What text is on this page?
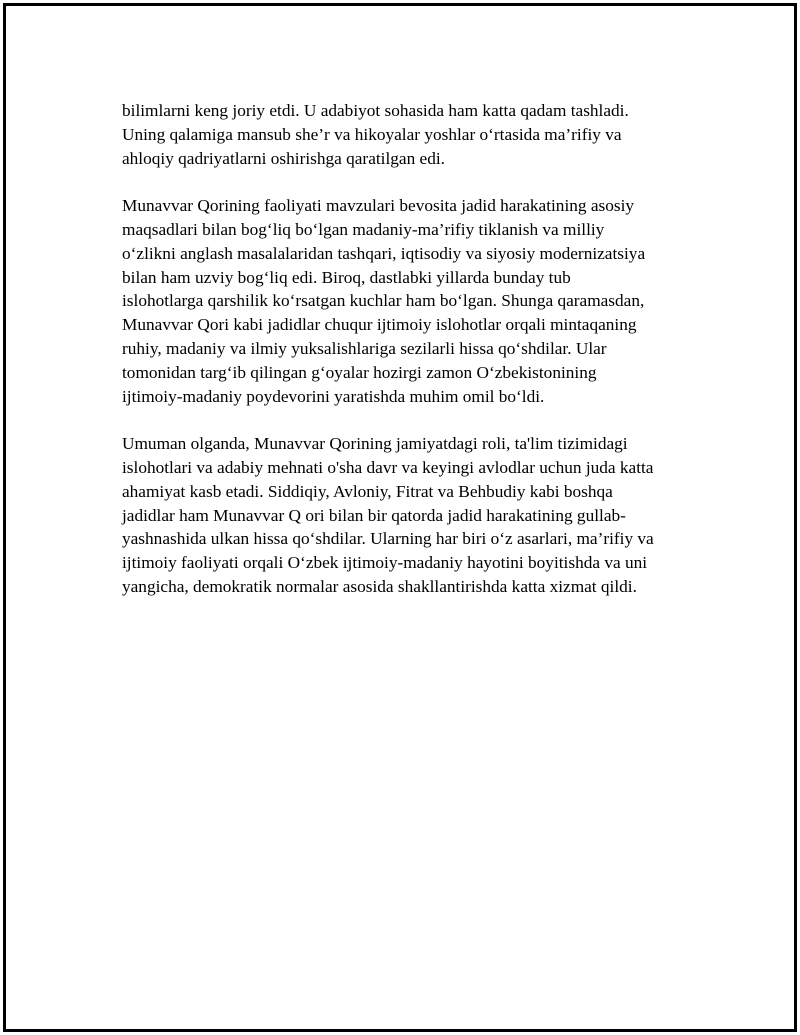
bilimlarni keng joriy etdi. U adabiyot sohasida ham katta qadam tashladi.
Uning qalamiga mansub she’r va hikoyalar yoshlar o‘rtasida ma’rifiy va
ahloqiy qadriyatlarni oshirishga qaratilgan edi.

Munavvar Qorining faoliyati mavzulari bevosita jadid harakatining asosiy
maqsadlari bilan bog‘liq bo‘lgan madaniy-ma’rifiy tiklanish va milliy
o‘zlikni anglash masalalaridan tashqari, iqtisodiy va siyosiy modernizatsiya
bilan ham uzviy bog‘liq edi. Biroq, dastlabki yillarda bunday tub
islohotlarga qarshilik ko‘rsatgan kuchlar ham bo‘lgan. Shunga qaramasdan,
Munavvar Qori kabi jadidlar chuqur ijtimoiy islohotlar orqali mintaqaning
ruhiy, madaniy va ilmiy yuksalishlariga sezilarli hissa qo‘shdilar. Ular
tomonidan targ‘ib qilingan g‘oyalar hozirgi zamon O‘zbekistonining
ijtimoiy-madaniy poydevorini yaratishda muhim omil bo‘ldi.

Umuman olganda, Munavvar Qorining jamiyatdagi roli, ta'lim tizimidagi
islohotlari va adabiy mehnati o'sha davr va keyingi avlodlar uchun juda katta
ahamiyat kasb etadi. Siddiqiy, Avloniy, Fitrat va Behbudiy kabi boshqa
jadidlar ham Munavvar Q ori bilan bir qatorda jadid harakatining gullab-
yashnashida ulkan hissa qo‘shdilar. Ularning har biri o‘z asarlari, ma’rifiy va
ijtimoiy faoliyati orqali O‘zbek ijtimoiy-madaniy hayotini boyitishda va uni
yangicha, demokratik normalar asosida shakllantirishda katta xizmat qildi.
